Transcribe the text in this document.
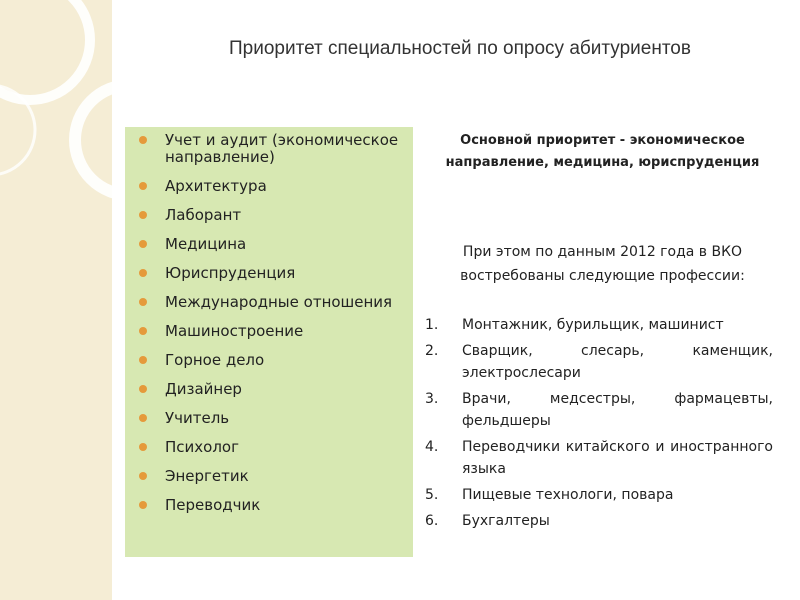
Приоритет специальностей по опросу абитуриентов
Учет и аудит (экономическое направление)
Архитектура
Лаборант
Медицина
Юриспруденция
Международные отношения
Машиностроение
Горное дело
Дизайнер
Учитель
Психолог
Энергетик
Переводчик
Основной приоритет - экономическое направление, медицина, юриспруденция
При этом по данным 2012 года в ВКО востребованы следующие профессии:
1. Монтажник, бурильщик, машинист
2. Сварщик, слесарь, каменщик, электрослесари
3. Врачи, медсестры, фармацевты, фельдшеры
4. Переводчики китайского и иностранного языка
5. Пищевые технологи, повара
6. Бухгалтеры
